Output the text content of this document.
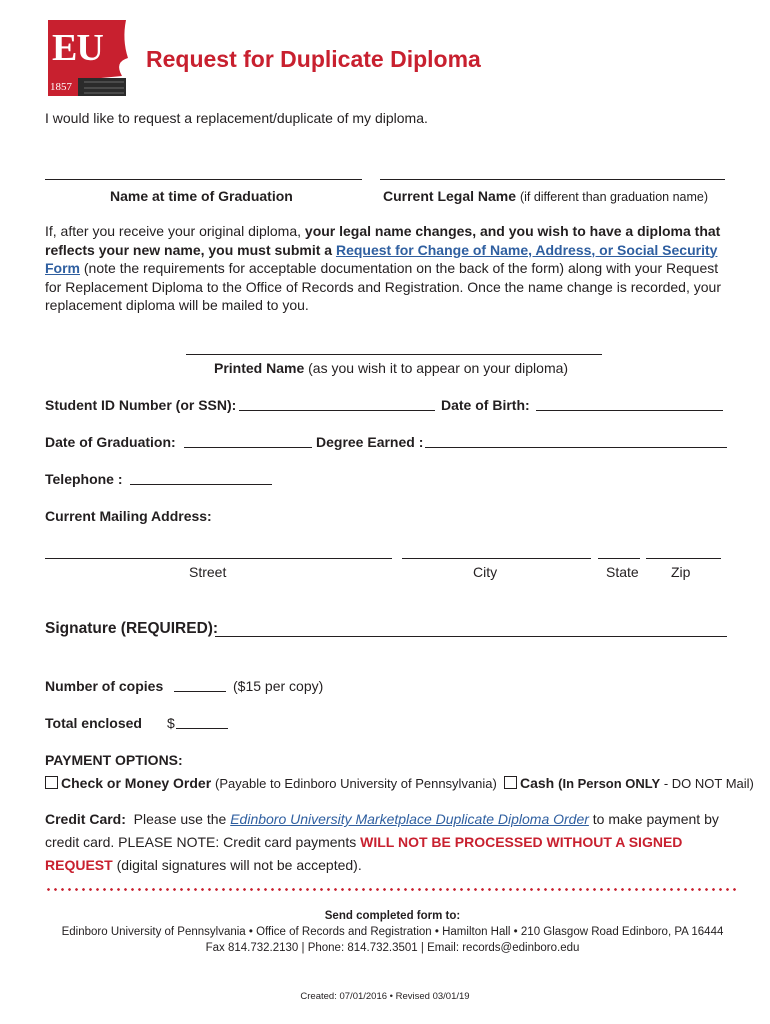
EU
1857
Request for Duplicate Diploma
I would like to request a replacement/duplicate of my diploma.
Name at time of Graduation	Current Legal Name (if different than graduation name)
If, after you receive your original diploma, your legal name changes, and you wish to have a diploma that reflects your new name, you must submit a Request for Change of Name, Address, or Social Security Form (note the requirements for acceptable documentation on the back of the form) along with your Request for Replacement Diploma to the Office of Records and Registration. Once the name change is recorded, your replacement diploma will be mailed to you.
Printed Name (as you wish it to appear on your diploma)
Student ID Number (or SSN):	Date of Birth:
Date of Graduation:	Degree Earned :
Telephone :
Current Mailing Address:
Street	City	State Zip
Signature (REQUIRED):
Number of copies	($15 per copy)
Total enclosed $
PAYMENT OPTIONS:
Check or Money Order (Payable to Edinboro University of Pennsylvania)	Cash (In Person ONLY - DO NOT Mail)
Credit Card:  Please use the Edinboro University Marketplace Duplicate Diploma Order to make payment by credit card. PLEASE NOTE: Credit card payments WILL NOT BE PROCESSED WITHOUT A SIGNED REQUEST (digital signatures will not be accepted).
Send completed form to:
Edinboro University of Pennsylvania • Office of Records and Registration • Hamilton Hall • 210 Glasgow Road Edinboro, PA 16444
Fax 814.732.2130 | Phone: 814.732.3501 | Email: records@edinboro.edu
Created: 07/01/2016 • Revised 03/01/19
